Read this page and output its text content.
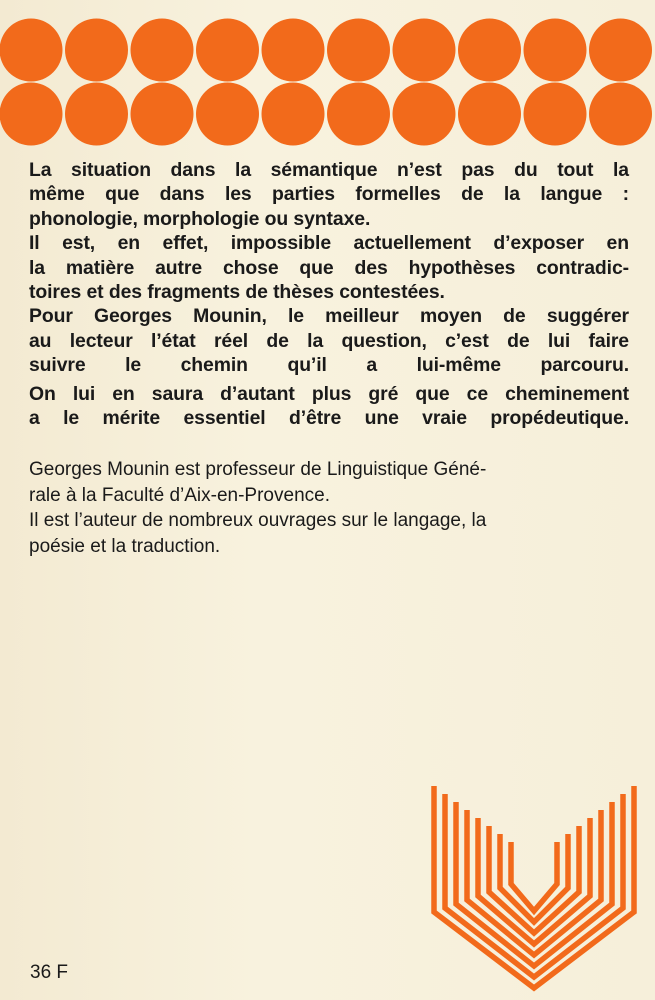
La situation dans la sémantique n’est pas du tout la

même que dans les parties formelles de la langue :

phonologie, morphologie ou syntaxe.

Il est, en effet, impossible actuellement d’exposer en

la matière autre chose que des hypothèses contradic-

toires et des fragments de thèses contestées.

Pour Georges Mounin, le meilleur moyen de suggérer

au lecteur l’état réel de la question, c’est de lui faire

suivre le chemin qu’il a lui-même parcouru.

On lui en saura d’autant plus gré que ce cheminement

a le mérite essentiel d’être une vraie propédeutique.

Georges Mounin est professeur de Linguistique Géné-

rale à la Faculté d’Aix-en-Provence.

Il est l’auteur de nombreux ouvrages sur le langage, la

poésie et la traduction.

36 F
